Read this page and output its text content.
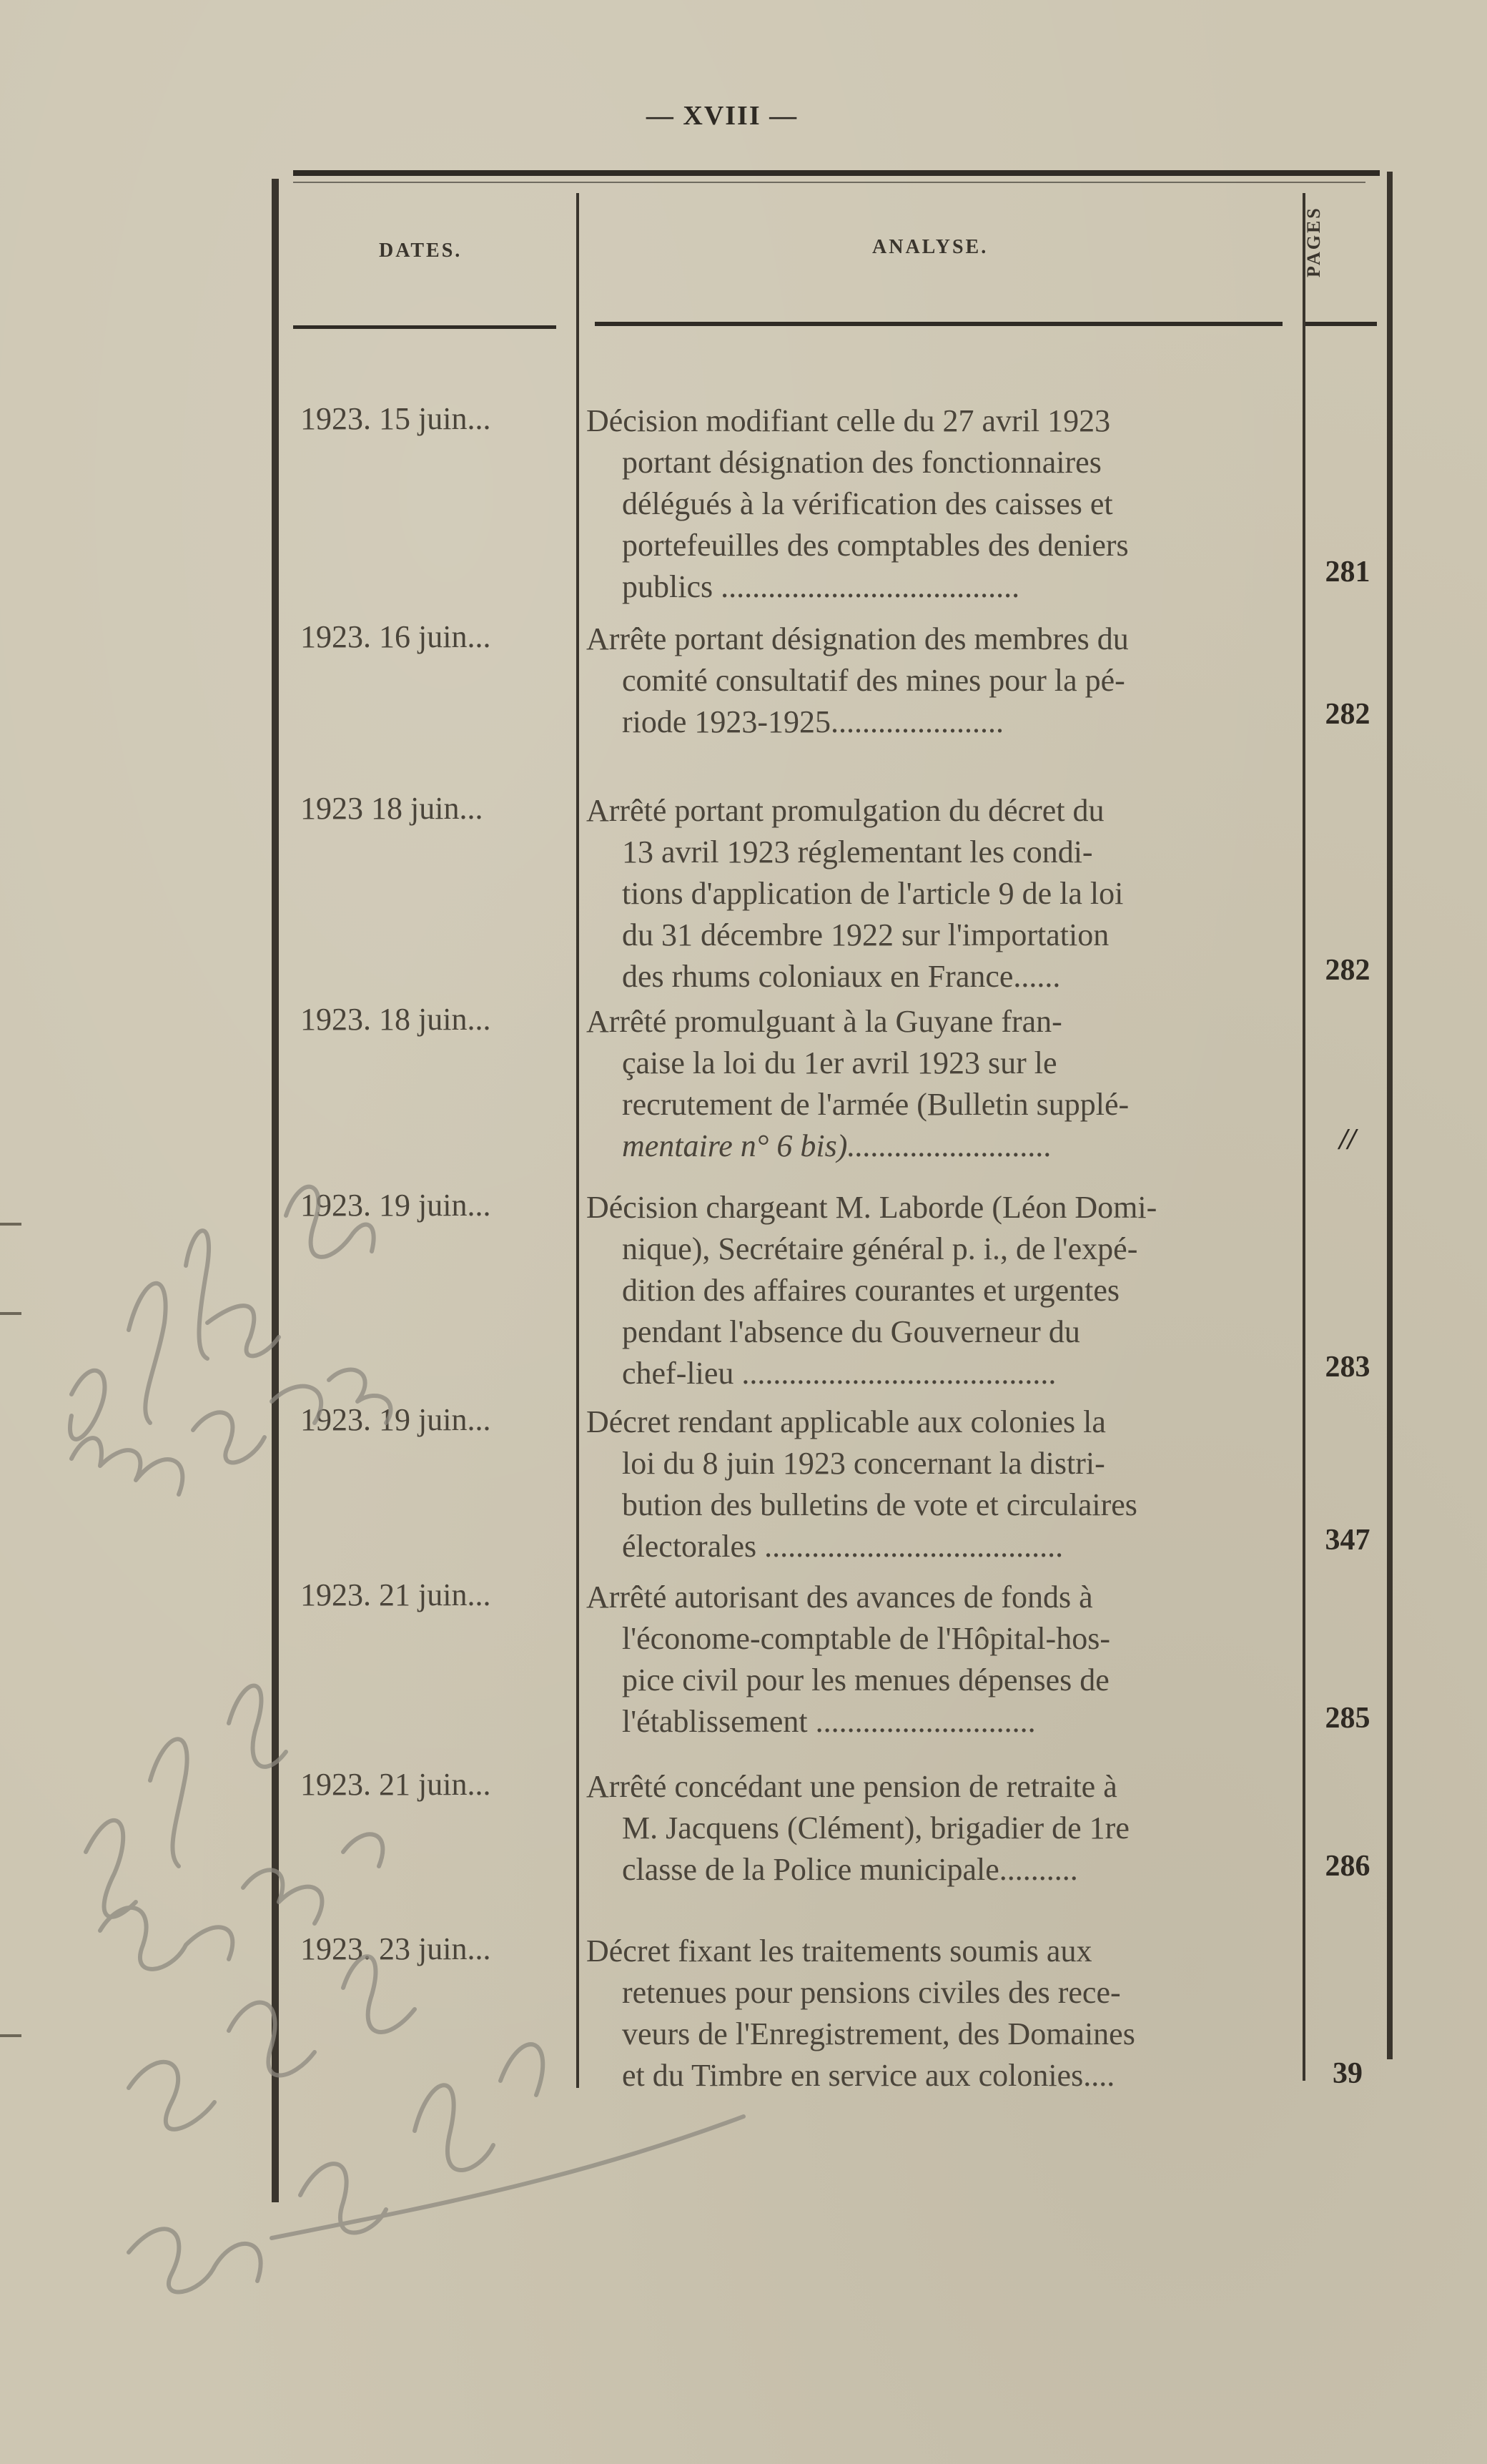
— XVIII —
DATES.	ANALYSE.	PAGES
1923. 15 juin...	Décision modifiant celle du 27 avril 1923
portant désignation des fonctionnaires
délégués à la vérification des caisses et
portefeuilles des comptables des deniers
publics ......................................	281
1923. 16 juin...	Arrête portant désignation des membres du
comité consultatif des mines pour la pé-
riode 1923-1925......................	282
1923 18 juin...	Arrêté portant promulgation du décret du
13 avril 1923 réglementant les condi-
tions d'application de l'article 9 de la loi
du 31 décembre 1922 sur l'importation
des rhums coloniaux en France......	282
1923. 18 juin...	Arrêté promulguant à la Guyane fran-
çaise la loi du 1er avril 1923 sur le
recrutement de l'armée (Bulletin supplé-
mentaire n° 6 bis)..........................	//
1923. 19 juin...	Décision chargeant M. Laborde (Léon Domi-
nique), Secrétaire général p. i., de l'expé-
dition des affaires courantes et urgentes
pendant l'absence du Gouverneur du
chef-lieu ........................................	283
1923. 19 juin...	Décret rendant applicable aux colonies la
loi du 8 juin 1923 concernant la distri-
bution des bulletins de vote et circulaires
électorales ......................................	347
1923. 21 juin...	Arrêté autorisant des avances de fonds à
l'économe-comptable de l'Hôpital-hos-
pice civil pour les menues dépenses de
l'établissement ............................	285
1923. 21 juin...	Arrêté concédant une pension de retraite à
M. Jacquens (Clément), brigadier de 1re
classe de la Police municipale..........	286
1923. 23 juin...	Décret fixant les traitements soumis aux
retenues pour pensions civiles des rece-
veurs de l'Enregistrement, des Domaines
et du Timbre en service aux colonies....	39
